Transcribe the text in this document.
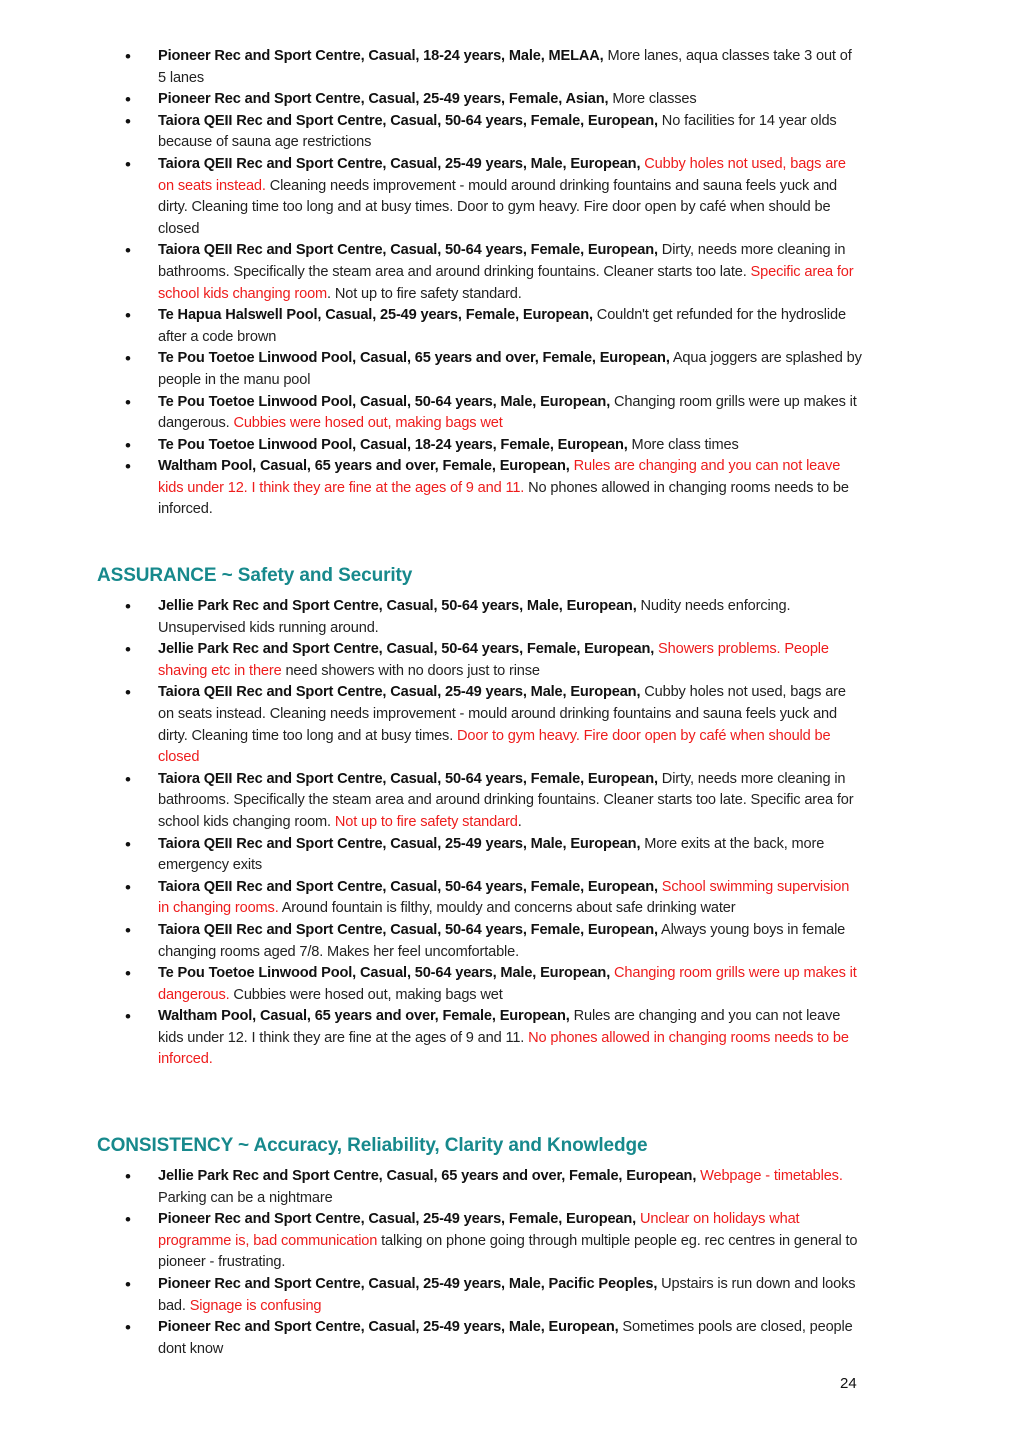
• Pioneer Rec and Sport Centre, Casual, 18-24 years, Male, MELAA, More lanes, aqua classes take 3 out of 5 lanes
• Pioneer Rec and Sport Centre, Casual, 25-49 years, Female, Asian, More classes
• Taiora QEII Rec and Sport Centre, Casual, 50-64 years, Female, European, No facilities for 14 year olds because of sauna age restrictions
• Taiora QEII Rec and Sport Centre, Casual, 25-49 years, Male, European, Cubby holes not used, bags are on seats instead. Cleaning needs improvement - mould around drinking fountains and sauna feels yuck and dirty. Cleaning time too long and at busy times. Door to gym heavy. Fire door open by café when should be closed
• Taiora QEII Rec and Sport Centre, Casual, 50-64 years, Female, European, Dirty, needs more cleaning in bathrooms. Specifically the steam area and around drinking fountains. Cleaner starts too late. Specific area for school kids changing room. Not up to fire safety standard.
• Te Hapua Halswell Pool, Casual, 25-49 years, Female, European, Couldn't get refunded for the hydroslide after a code brown
• Te Pou Toetoe Linwood Pool, Casual, 65 years and over, Female, European, Aqua joggers are splashed by people in the manu pool
• Te Pou Toetoe Linwood Pool, Casual, 50-64 years, Male, European, Changing room grills were up makes it dangerous. Cubbies were hosed out, making bags wet
• Te Pou Toetoe Linwood Pool, Casual, 18-24 years, Female, European, More class times
• Waltham Pool, Casual, 65 years and over, Female, European, Rules are changing and you can not leave kids under 12. I think they are fine at the ages of 9 and 11. No phones allowed in changing rooms needs to be inforced.
ASSURANCE ~ Safety and Security
• Jellie Park Rec and Sport Centre, Casual, 50-64 years, Male, European, Nudity needs enforcing. Unsupervised kids running around.
• Jellie Park Rec and Sport Centre, Casual, 50-64 years, Female, European, Showers problems. People shaving etc in there need showers with no doors just to rinse
• Taiora QEII Rec and Sport Centre, Casual, 25-49 years, Male, European, Cubby holes not used, bags are on seats instead. Cleaning needs improvement - mould around drinking fountains and sauna feels yuck and dirty. Cleaning time too long and at busy times. Door to gym heavy. Fire door open by café when should be closed
• Taiora QEII Rec and Sport Centre, Casual, 50-64 years, Female, European, Dirty, needs more cleaning in bathrooms. Specifically the steam area and around drinking fountains. Cleaner starts too late. Specific area for school kids changing room. Not up to fire safety standard.
• Taiora QEII Rec and Sport Centre, Casual, 25-49 years, Male, European, More exits at the back, more emergency exits
• Taiora QEII Rec and Sport Centre, Casual, 50-64 years, Female, European, School swimming supervision in changing rooms. Around fountain is filthy, mouldy and concerns about safe drinking water
• Taiora QEII Rec and Sport Centre, Casual, 50-64 years, Female, European, Always young boys in female changing rooms aged 7/8. Makes her feel uncomfortable.
• Te Pou Toetoe Linwood Pool, Casual, 50-64 years, Male, European, Changing room grills were up makes it dangerous. Cubbies were hosed out, making bags wet
• Waltham Pool, Casual, 65 years and over, Female, European, Rules are changing and you can not leave kids under 12. I think they are fine at the ages of 9 and 11. No phones allowed in changing rooms needs to be inforced.
CONSISTENCY ~ Accuracy, Reliability, Clarity and Knowledge
• Jellie Park Rec and Sport Centre, Casual, 65 years and over, Female, European, Webpage - timetables. Parking can be a nightmare
• Pioneer Rec and Sport Centre, Casual, 25-49 years, Female, European, Unclear on holidays what programme is, bad communication talking on phone going through multiple people eg. rec centres in general to pioneer - frustrating.
• Pioneer Rec and Sport Centre, Casual, 25-49 years, Male, Pacific Peoples, Upstairs is run down and looks bad. Signage is confusing
• Pioneer Rec and Sport Centre, Casual, 25-49 years, Male, European, Sometimes pools are closed, people dont know
24
